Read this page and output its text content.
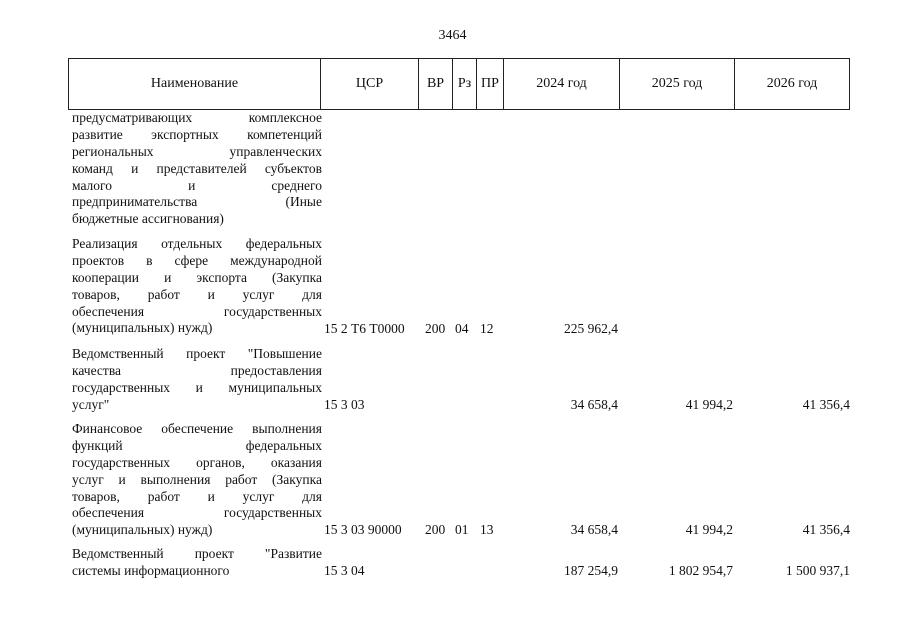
3464
Наименование	ЦСР	ВР Рз ПР	2024 год	2025 год	2026 год
предусматривающих комплексное
развитие экспортных компетенций
региональных управленческих
команд и представителей субъектов
малого и среднего
предпринимательства (Иные
бюджетные ассигнования)
Реализация отдельных федеральных
проектов в сфере международной
кооперации и экспорта (Закупка
товаров, работ и услуг для
обеспечения государственных
(муниципальных) нужд)	15 2 Т6 Т0000 200 04 12	225 962,4
Ведомственный проект "Повышение
качества предоставления
государственных и муниципальных
услуг"	15 3 03	34 658,4	41 994,2	41 356,4
Финансовое обеспечение выполнения
функций федеральных
государственных органов, оказания
услуг и выполнения работ (Закупка
товаров, работ и услуг для
обеспечения государственных
(муниципальных) нужд)	15 3 03 90000 200 01 13	34 658,4	41 994,2	41 356,4
Ведомственный проект "Развитие
системы информационного	15 3 04	187 254,9	1 802 954,7	1 500 937,1
